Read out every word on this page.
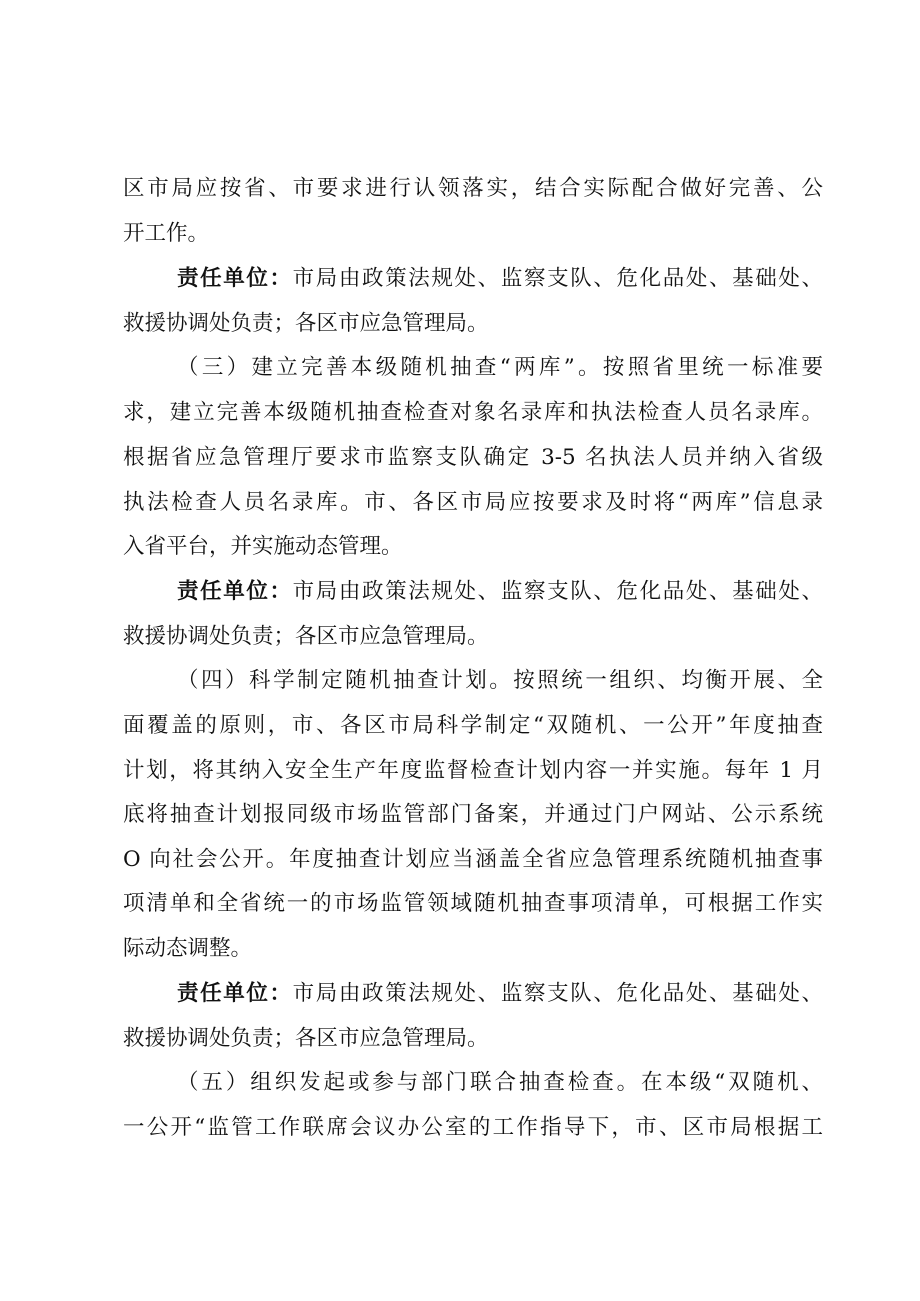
区市局应按省、市要求进行认领落实，结合实际配合做好完善、公
开工作。
责任单位：市局由政策法规处、监察支队、危化品处、基础处、
救援协调处负责；各区市应急管理局。
（三）建立完善本级随机抽查“两库”。按照省里统一标准要
求，建立完善本级随机抽查检查对象名录库和执法检查人员名录库。
根据省应急管理厅要求市监察支队确定 3-5 名执法人员并纳入省级
执法检查人员名录库。市、各区市局应按要求及时将“两库”信息录
入省平台，并实施动态管理。
责任单位：市局由政策法规处、监察支队、危化品处、基础处、
救援协调处负责；各区市应急管理局。
（四）科学制定随机抽查计划。按照统一组织、均衡开展、全
面覆盖的原则，市、各区市局科学制定“双随机、一公开”年度抽查
计划，将其纳入安全生产年度监督检查计划内容一并实施。每年 1 月
底将抽查计划报同级市场监管部门备案，并通过门户网站、公示系统
O 向社会公开。年度抽查计划应当涵盖全省应急管理系统随机抽查事
项清单和全省统一的市场监管领域随机抽查事项清单，可根据工作实
际动态调整。
责任单位：市局由政策法规处、监察支队、危化品处、基础处、
救援协调处负责；各区市应急管理局。
（五）组织发起或参与部门联合抽查检查。在本级“双随机、
一公开“监管工作联席会议办公室的工作指导下，市、区市局根据工
